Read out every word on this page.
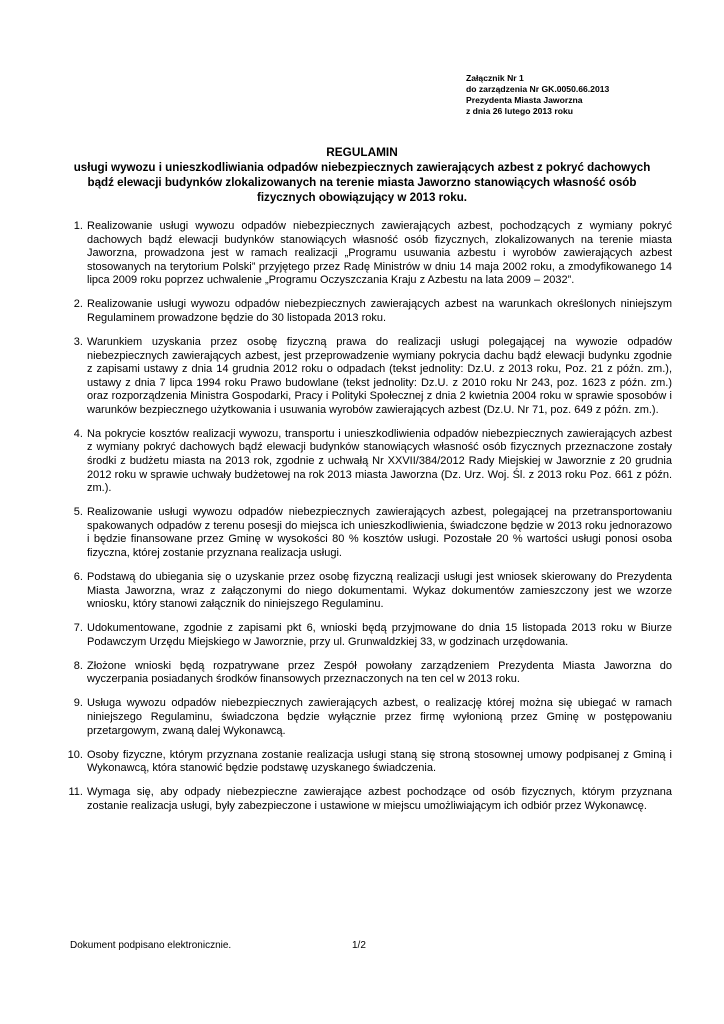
Załącznik Nr 1
do zarządzenia Nr GK.0050.66.2013
Prezydenta Miasta Jaworzna
z dnia 26 lutego 2013 roku
REGULAMIN
usługi wywozu i unieszkodliwiania odpadów niebezpiecznych zawierających azbest z pokryć dachowych bądź elewacji budynków zlokalizowanych na terenie miasta Jaworzno stanowiących własność osób fizycznych obowiązujący w 2013 roku.
1. Realizowanie usługi wywozu odpadów niebezpiecznych zawierających azbest, pochodzących z wymiany pokryć dachowych bądź elewacji budynków stanowiących własność osób fizycznych, zlokalizowanych na terenie miasta Jaworzna, prowadzona jest w ramach realizacji „Programu usuwania azbestu i wyrobów zawierających azbest stosowanych na terytorium Polski” przyjętego przez Radę Ministrów w dniu 14 maja 2002 roku, a zmodyfikowanego 14 lipca 2009 roku poprzez uchwalenie „Programu Oczyszczania Kraju z Azbestu na lata 2009 – 2032”.
2. Realizowanie usługi wywozu odpadów niebezpiecznych zawierających azbest na warunkach określonych niniejszym Regulaminem prowadzone będzie do 30 listopada 2013 roku.
3. Warunkiem uzyskania przez osobę fizyczną prawa do realizacji usługi polegającej na wywozie odpadów niebezpiecznych zawierających azbest, jest przeprowadzenie wymiany pokrycia dachu bądź elewacji budynku zgodnie z zapisami ustawy z dnia 14 grudnia 2012 roku o odpadach (tekst jednolity: Dz.U. z 2013 roku, Poz. 21 z późn. zm.), ustawy z dnia 7 lipca 1994 roku Prawo budowlane (tekst jednolity: Dz.U. z 2010 roku Nr 243, poz. 1623 z późn. zm.) oraz rozporządzenia Ministra Gospodarki, Pracy i Polityki Społecznej z dnia 2 kwietnia 2004 roku w sprawie sposobów i warunków bezpiecznego użytkowania i usuwania wyrobów zawierających azbest (Dz.U. Nr 71, poz. 649 z późn. zm.).
4. Na pokrycie kosztów realizacji wywozu, transportu i unieszkodliwienia odpadów niebezpiecznych zawierających azbest z wymiany pokryć dachowych bądź elewacji budynków stanowiących własność osób fizycznych przeznaczone zostały środki z budżetu miasta na 2013 rok, zgodnie z uchwałą Nr XXVII/384/2012 Rady Miejskiej w Jaworznie z 20 grudnia 2012 roku w sprawie uchwały budżetowej na rok 2013 miasta Jaworzna (Dz. Urz. Woj. Śl. z 2013 roku Poz. 661 z późn. zm.).
5. Realizowanie usługi wywozu odpadów niebezpiecznych zawierających azbest, polegającej na przetransportowaniu spakowanych odpadów z terenu posesji do miejsca ich unieszkodliwienia, świadczone będzie w 2013 roku jednorazowo i będzie finansowane przez Gminę w wysokości 80 % kosztów usługi. Pozostałe 20 % wartości usługi ponosi osoba fizyczna, której zostanie przyznana realizacja usługi.
6. Podstawą do ubiegania się o uzyskanie przez osobę fizyczną realizacji usługi jest wniosek skierowany do Prezydenta Miasta Jaworzna, wraz z załączonymi do niego dokumentami. Wykaz dokumentów zamieszczony jest we wzorze wniosku, który stanowi załącznik do niniejszego Regulaminu.
7. Udokumentowane, zgodnie z zapisami pkt 6, wnioski będą przyjmowane do dnia 15 listopada 2013 roku w Biurze Podawczym Urzędu Miejskiego w Jaworznie, przy ul. Grunwaldzkiej 33, w godzinach urzędowania.
8. Złożone wnioski będą rozpatrywane przez Zespół powołany zarządzeniem Prezydenta Miasta Jaworzna do wyczerpania posiadanych środków finansowych przeznaczonych na ten cel w 2013 roku.
9. Usługa wywozu odpadów niebezpiecznych zawierających azbest, o realizację której można się ubiegać w ramach niniejszego Regulaminu, świadczona będzie wyłącznie przez firmę wyłonioną przez Gminę w postępowaniu przetargowym, zwaną dalej Wykonawcą.
10. Osoby fizyczne, którym przyznana zostanie realizacja usługi staną się stroną stosownej umowy podpisanej z Gminą i Wykonawcą, która stanowić będzie podstawę uzyskanego świadczenia.
11. Wymaga się, aby odpady niebezpieczne zawierające azbest pochodzące od osób fizycznych, którym przyznana zostanie realizacja usługi, były zabezpieczone i ustawione w miejscu umożliwiającym ich odbiór przez Wykonawcę.
Dokument podpisano elektronicznie.	1/2
